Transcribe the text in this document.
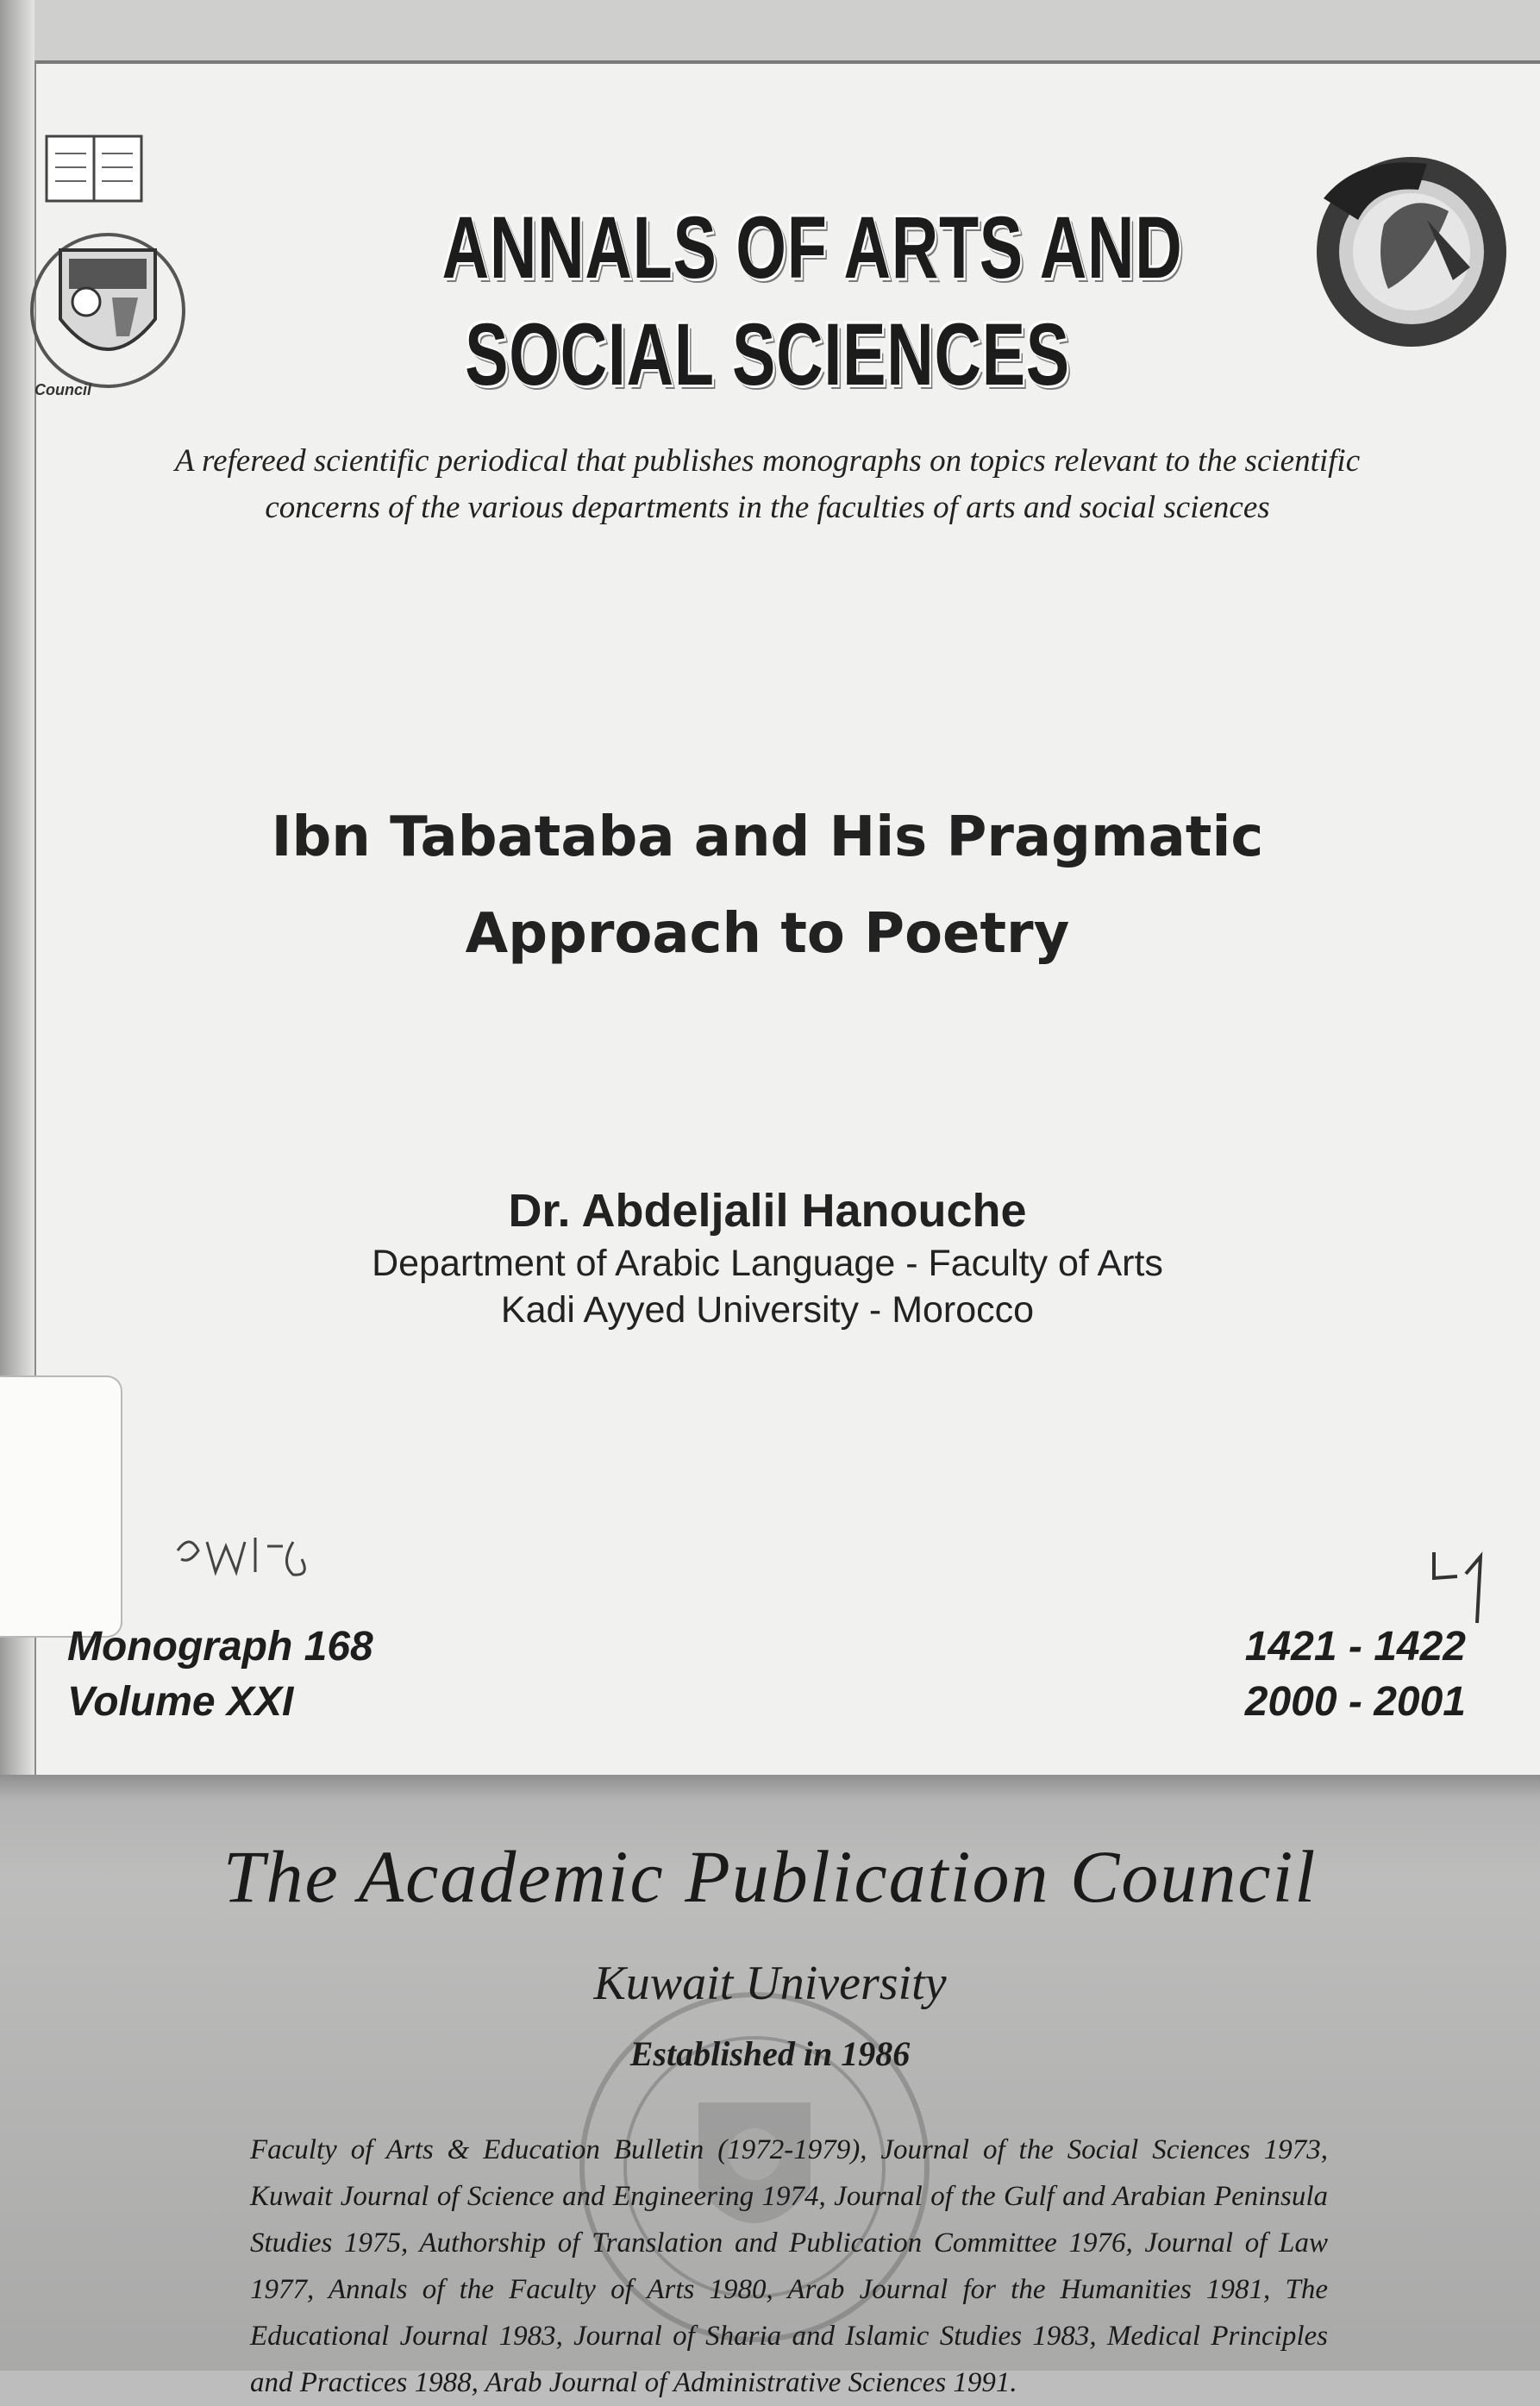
Council
ANNALS OF ARTS AND
SOCIAL SCIENCES
A refereed scientific periodical that publishes monographs on topics relevant to the scientific concerns of the various departments in the faculties of arts and social sciences
Ibn Tabataba and His Pragmatic Approach to Poetry
Dr. Abdeljalil Hanouche
Department of Arabic Language - Faculty of Arts
Kadi Ayyed University - Morocco
Monograph 168
Volume XXI
1421 - 1422
2000 - 2001
The Academic Publication Council
Kuwait University
Established in 1986
Faculty of Arts & Education Bulletin (1972-1979), Journal of the Social Sciences 1973, Kuwait Journal of Science and Engineering 1974, Journal of the Gulf and Arabian Peninsula Studies 1975, Authorship of Translation and Publication Committee 1976, Journal of Law 1977, Annals of the Faculty of Arts 1980, Arab Journal for the Humanities 1981, The Educational Journal 1983, Journal of Sharia and Islamic Studies 1983, Medical Principles and Practices 1988, Arab Journal of Administrative Sciences 1991.
